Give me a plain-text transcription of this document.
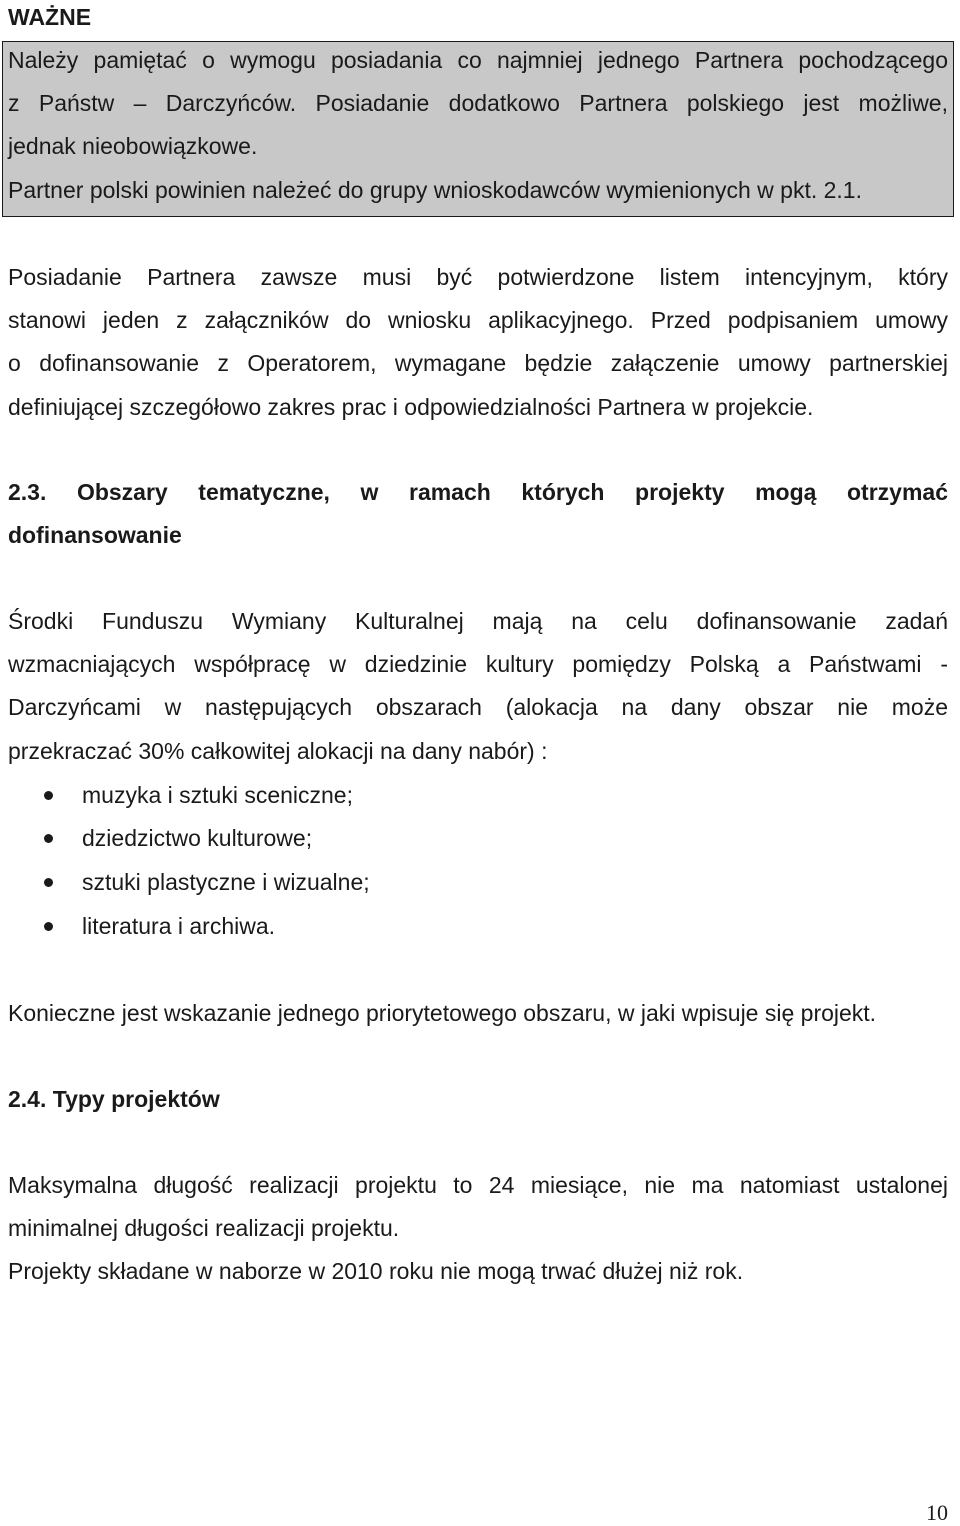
WAŻNE
Należy pamiętać o wymogu posiadania co najmniej jednego Partnera pochodzącego
z Państw – Darczyńców. Posiadanie dodatkowo Partnera polskiego jest możliwe,
jednak nieobowiązkowe.
Partner polski powinien należeć do grupy wnioskodawców wymienionych w pkt. 2.1.
Posiadanie Partnera zawsze musi być potwierdzone listem intencyjnym, który
stanowi jeden z załączników do wniosku aplikacyjnego. Przed podpisaniem umowy
o dofinansowanie z Operatorem, wymagane będzie załączenie umowy partnerskiej
definiującej szczegółowo zakres prac i odpowiedzialności Partnera w projekcie.
2.3. Obszary tematyczne, w ramach których projekty mogą otrzymać
dofinansowanie
Środki Funduszu Wymiany Kulturalnej mają na celu dofinansowanie zadań
wzmacniających współpracę w dziedzinie kultury pomiędzy Polską a Państwami -
Darczyńcami w następujących obszarach (alokacja na dany obszar nie może
przekraczać 30% całkowitej alokacji na dany nabór) :
muzyka i sztuki sceniczne;
dziedzictwo kulturowe;
sztuki plastyczne i wizualne;
literatura i archiwa.
Konieczne jest wskazanie jednego priorytetowego obszaru, w jaki wpisuje się projekt.
2.4. Typy projektów
Maksymalna długość realizacji projektu to 24 miesiące, nie ma natomiast ustalonej
minimalnej długości realizacji projektu.
Projekty składane w naborze w 2010 roku nie mogą trwać dłużej niż rok.
10
